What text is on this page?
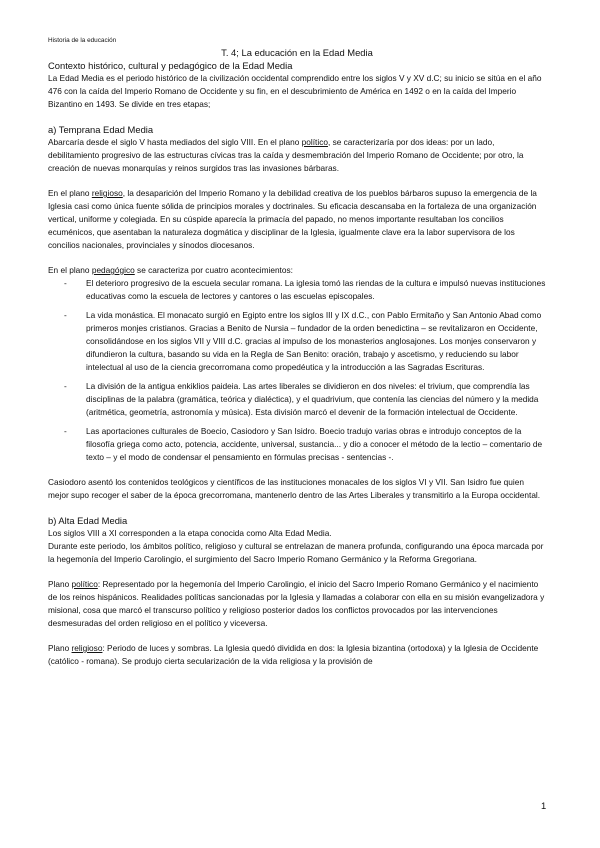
Historia de la educación
T. 4; La educación en la Edad Media
Contexto histórico, cultural y pedagógico de la Edad Media

La Edad Media es el periodo histórico de la civilización occidental comprendido entre los siglos V y XV d.C; su inicio se sitúa en el año 476 con la caída del Imperio Romano de Occidente y su fin, en el descubrimiento de América en 1492 o en la caída del Imperio Bizantino en 1493. Se divide en tres etapas;

a) Temprana Edad Media

Abarcaría desde el siglo V hasta mediados del siglo VIII. En el plano político, se caracterizaría por dos ideas: por un lado, debilitamiento progresivo de las estructuras cívicas tras la caída y desmembración del Imperio Romano de Occidente; por otro, la creación de nuevas monarquías y reinos surgidos tras las invasiones bárbaras.

En el plano religioso, la desaparición del Imperio Romano y la debilidad creativa de los pueblos bárbaros supuso la emergencia de la Iglesia casi como única fuente sólida de principios morales y doctrinales. Su eficacia descansaba en la fortaleza de una organización vertical, uniforme y colegiada. En su cúspide aparecía la primacía del papado, no menos importante resultaban los concilios ecuménicos, que asentaban la naturaleza dogmática y disciplinar de la Iglesia, igualmente clave era la labor supervisora de los concilios nacionales, provinciales y sínodos diocesanos.

En el plano pedagógico se caracteriza por cuatro acontecimientos:

- El deterioro progresivo de la escuela secular romana. La iglesia tomó las riendas de la cultura e impulsó nuevas instituciones educativas como la escuela de lectores y cantores o las escuelas episcopales.
- La vida monástica. El monacato surgió en Egipto entre los siglos III y IX d.C., con Pablo Ermitaño y San Antonio Abad como primeros monjes cristianos. Gracias a Benito de Nursia – fundador de la orden benedictina – se revitalizaron en Occidente, consolidándose en los siglos VII y VIII d.C. gracias al impulso de los monasterios anglosajones. Los monjes conservaron y difundieron la cultura, basando su vida en la Regla de San Benito: oración, trabajo y ascetismo, y reduciendo su labor intelectual al uso de la ciencia grecorromana como propedéutica y la introducción a las Sagradas Escrituras.
- La división de la antigua enkiklios paideia. Las artes liberales se dividieron en dos niveles: el trivium, que comprendía las disciplinas de la palabra (gramática, teórica y dialéctica), y el quadrivium, que contenía las ciencias del número y la medida (aritmética, geometría, astronomía y música). Esta división marcó el devenir de la formación intelectual de Occidente.
- Las aportaciones culturales de Boecio, Casiodoro y San Isidro. Boecio tradujo varias obras e introdujo conceptos de la filosofía griega como acto, potencia, accidente, universal, sustancia... y dio a conocer el método de la lectio – comentario de texto – y el modo de condensar el pensamiento en fórmulas precisas - sentencias -.

Casiodoro asentó los contenidos teológicos y científicos de las instituciones monacales de los siglos VI y VII. San Isidro fue quien mejor supo recoger el saber de la época grecorromana, mantenerlo dentro de las Artes Liberales y transmitirlo a la Europa occidental.

b) Alta Edad Media

Los siglos VIII a XI corresponden a la etapa conocida como Alta Edad Media.

Durante este periodo, los ámbitos político, religioso y cultural se entrelazan de manera profunda, configurando una época marcada por la hegemonía del Imperio Carolingio, el surgimiento del Sacro Imperio Romano Germánico y la Reforma Gregoriana.

Plano político: Representado por la hegemonía del Imperio Carolingio, el inicio del Sacro Imperio Romano Germánico y el nacimiento de los reinos hispánicos. Realidades políticas sancionadas por la Iglesia y llamadas a colaborar con ella en su misión evangelizadora y misional, cosa que marcó el transcurso político y religioso posterior dados los conflictos provocados por las intervenciones desmesuradas del orden religioso en el político y viceversa.

Plano religioso: Periodo de luces y sombras. La Iglesia quedó dividida en dos: la Iglesia bizantina (ortodoxa) y la Iglesia de Occidente (católico - romana). Se produjo cierta secularización de la vida religiosa y la provisión de

1
